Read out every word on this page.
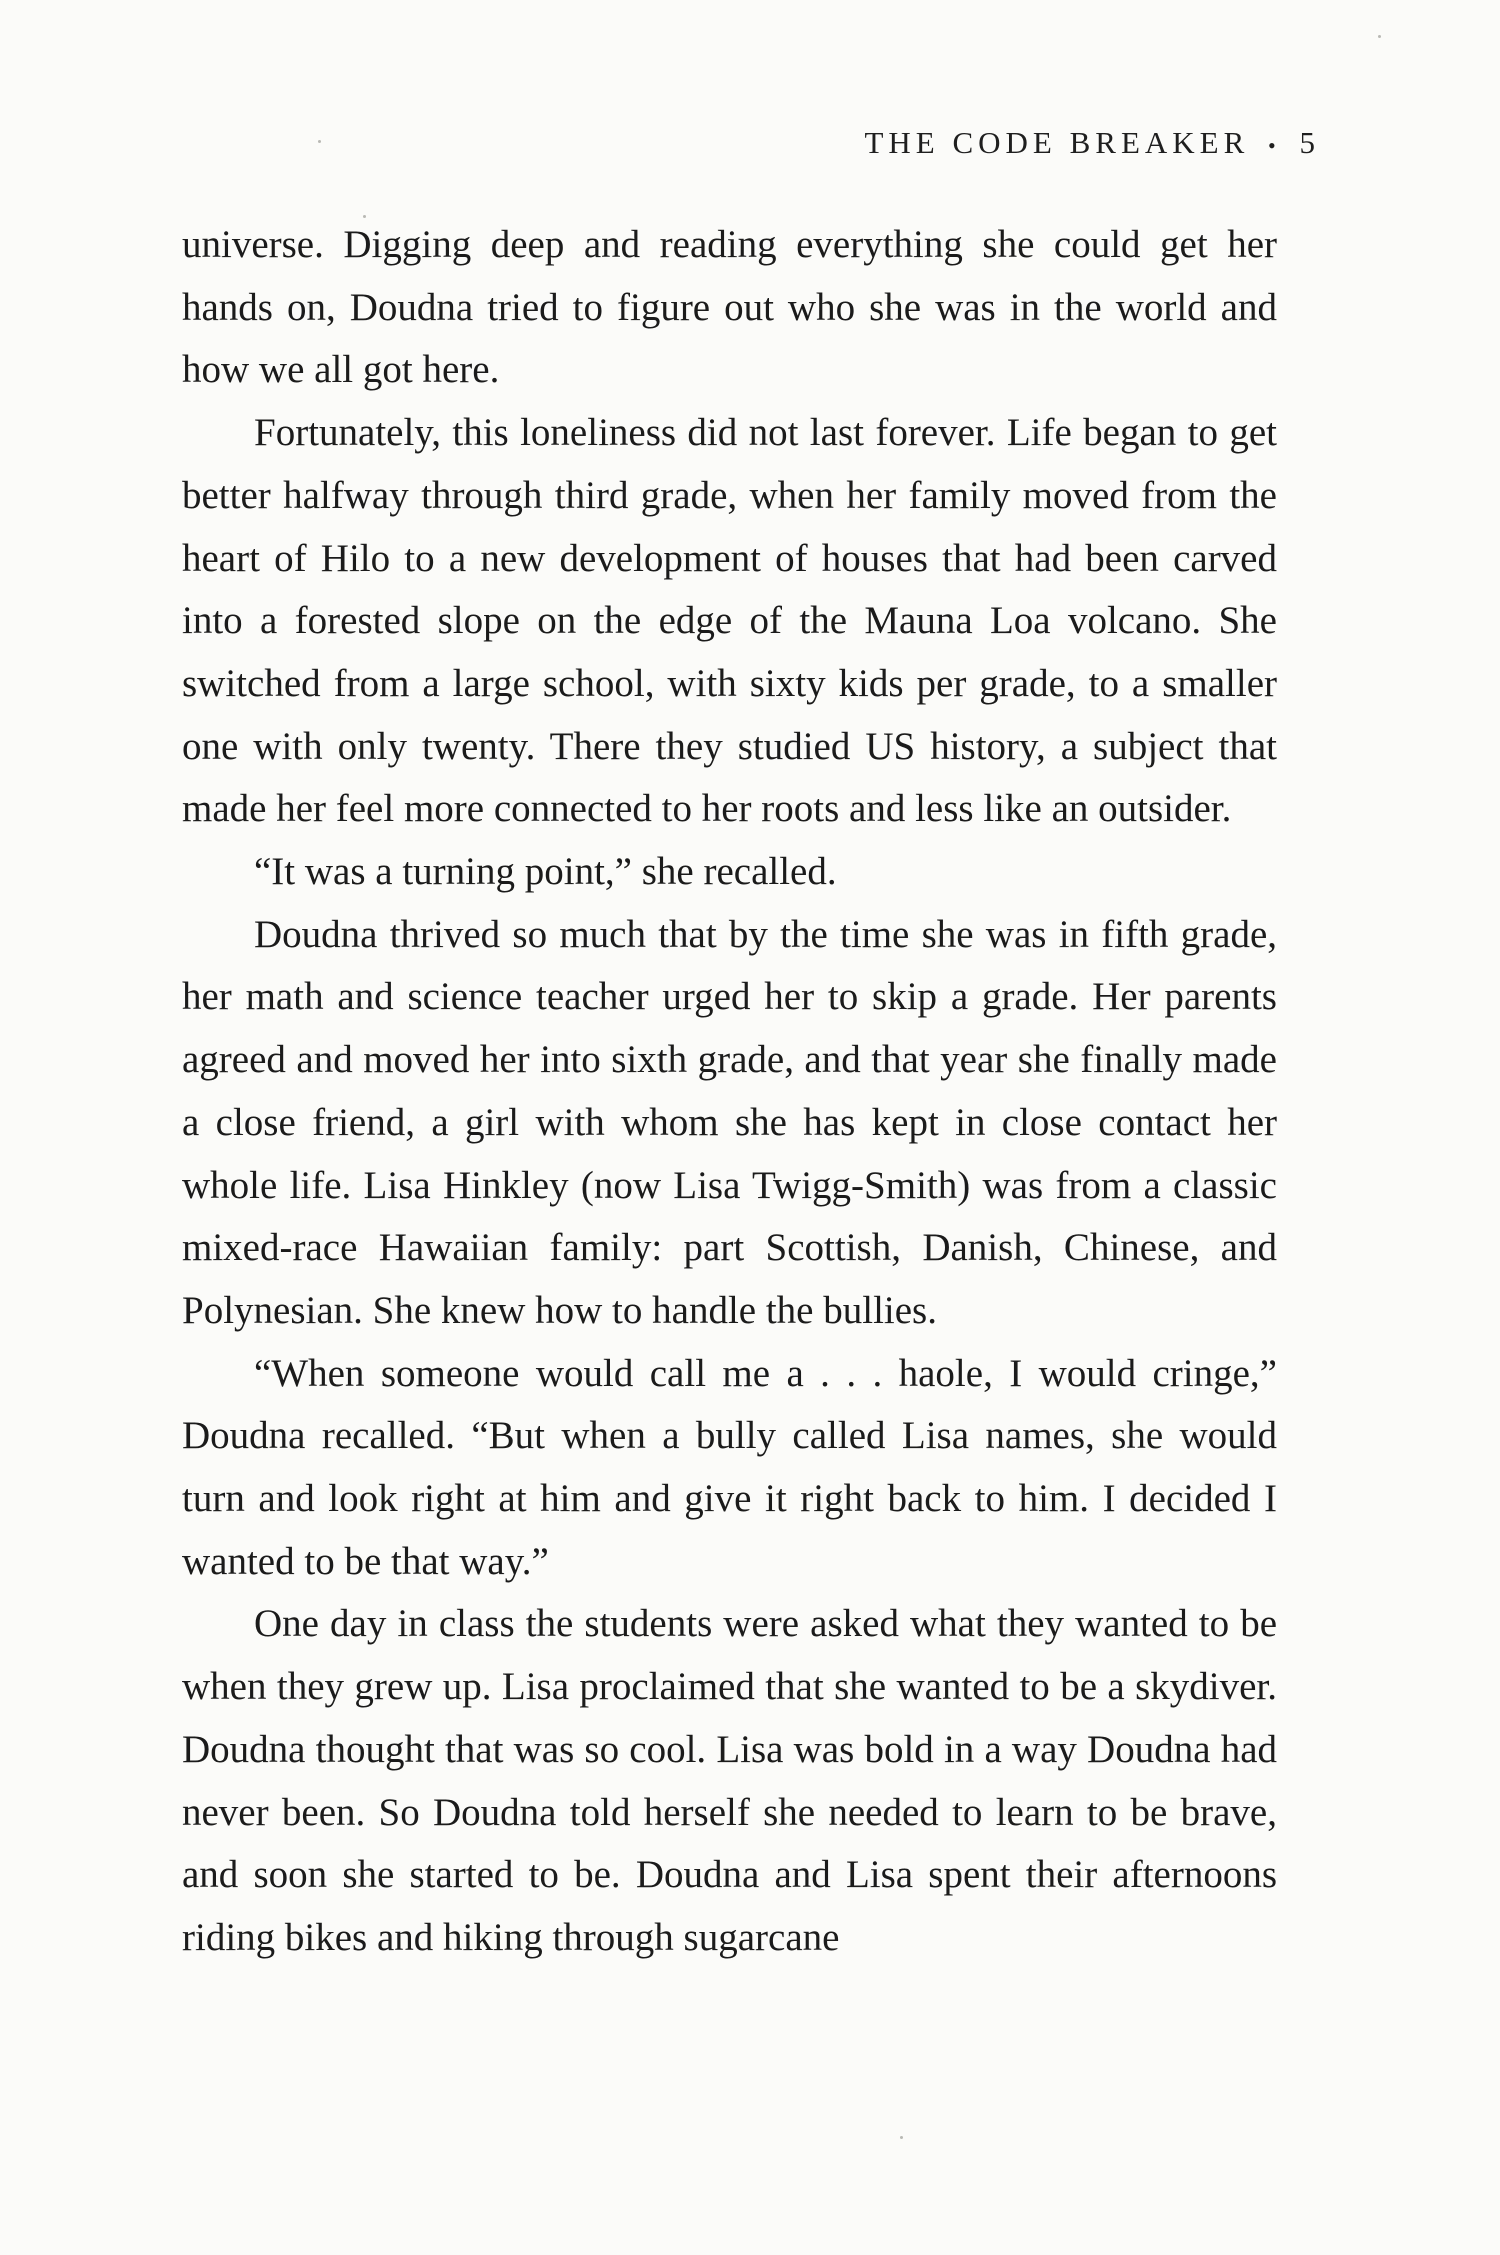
THE CODE BREAKER • 5

universe. Digging deep and reading everything she could get her hands on, Doudna tried to figure out who she was in the world and how we all got here.

Fortunately, this loneliness did not last forever. Life began to get better halfway through third grade, when her family moved from the heart of Hilo to a new development of houses that had been carved into a forested slope on the edge of the Mauna Loa volcano. She switched from a large school, with sixty kids per grade, to a smaller one with only twenty. There they studied US history, a subject that made her feel more connected to her roots and less like an outsider.

“It was a turning point,” she recalled.

Doudna thrived so much that by the time she was in fifth grade, her math and science teacher urged her to skip a grade. Her parents agreed and moved her into sixth grade, and that year she finally made a close friend, a girl with whom she has kept in close contact her whole life. Lisa Hinkley (now Lisa Twigg-Smith) was from a classic mixed-race Hawaiian family: part Scottish, Danish, Chinese, and Polynesian. She knew how to handle the bullies.

“When someone would call me a . . . haole, I would cringe,” Doudna recalled. “But when a bully called Lisa names, she would turn and look right at him and give it right back to him. I decided I wanted to be that way.”

One day in class the students were asked what they wanted to be when they grew up. Lisa proclaimed that she wanted to be a skydiver. Doudna thought that was so cool. Lisa was bold in a way Doudna had never been. So Doudna told herself she needed to learn to be brave, and soon she started to be. Doudna and Lisa spent their afternoons riding bikes and hiking through sugarcane
